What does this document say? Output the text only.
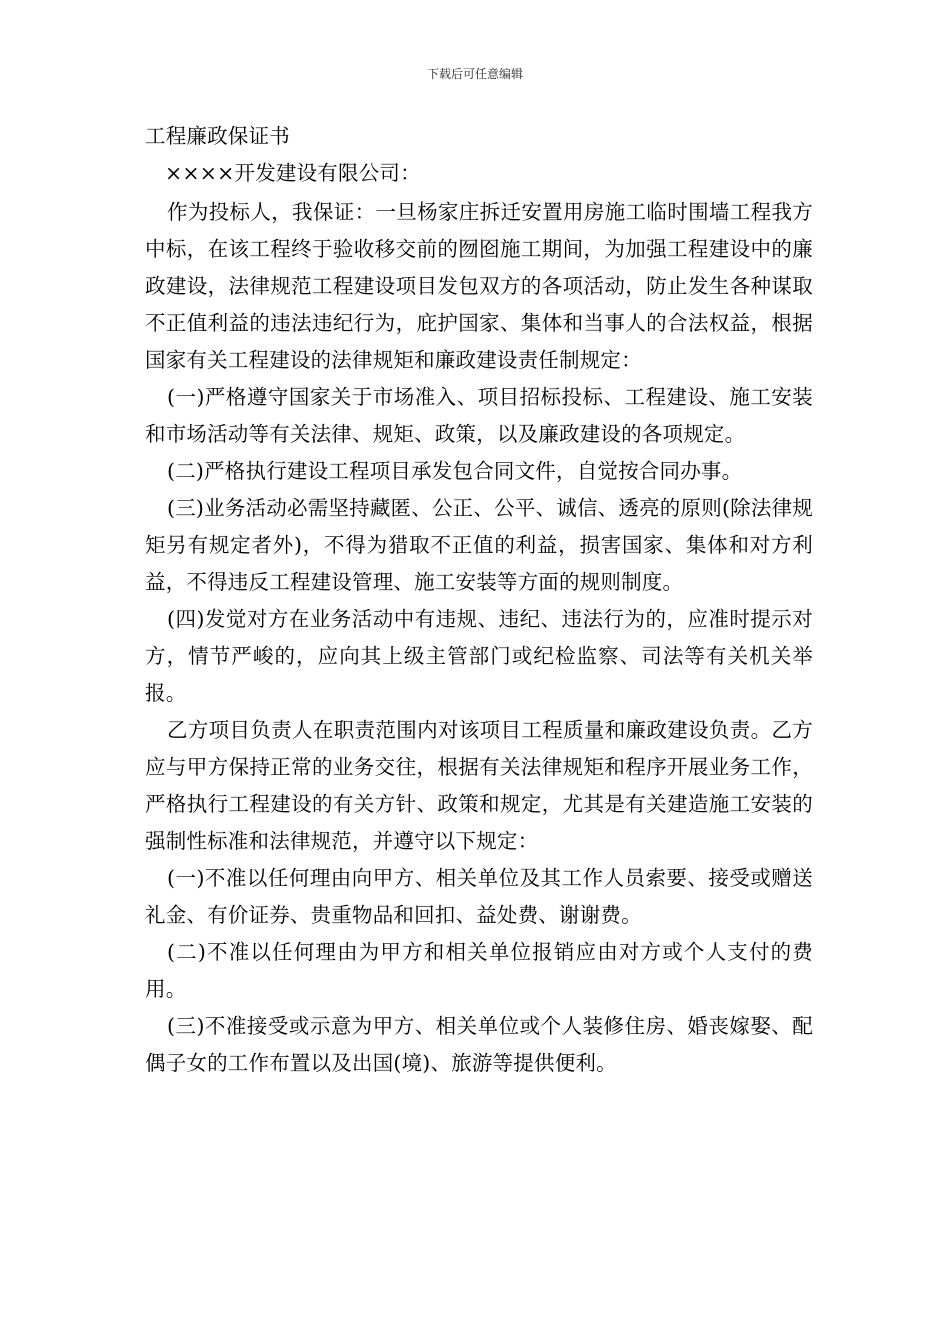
下载后可任意编辑
工程廉政保证书

××××开发建设有限公司：

作为投标人，我保证：一旦杨家庄拆迁安置用房施工临时围墙工程我方中标，在该工程终于验收移交前的囫囵施工期间，为加强工程建设中的廉政建设，法律规范工程建设项目发包双方的各项活动，防止发生各种谋取不正值利益的违法违纪行为，庇护国家、集体和当事人的合法权益，根据国家有关工程建设的法律规矩和廉政建设责任制规定：

(一)严格遵守国家关于市场准入、项目招标投标、工程建设、施工安装和市场活动等有关法律、规矩、政策，以及廉政建设的各项规定。

(二)严格执行建设工程项目承发包合同文件，自觉按合同办事。

(三)业务活动必需坚持藏匿、公正、公平、诚信、透亮的原则(除法律规矩另有规定者外)，不得为猎取不正值的利益，损害国家、集体和对方利益，不得违反工程建设管理、施工安装等方面的规则制度。

(四)发觉对方在业务活动中有违规、违纪、违法行为的，应准时提示对方，情节严峻的，应向其上级主管部门或纪检监察、司法等有关机关举报。

乙方项目负责人在职责范围内对该项目工程质量和廉政建设负责。乙方应与甲方保持正常的业务交往，根据有关法律规矩和程序开展业务工作，严格执行工程建设的有关方针、政策和规定，尤其是有关建造施工安装的强制性标准和法律规范，并遵守以下规定：

(一)不准以任何理由向甲方、相关单位及其工作人员索要、接受或赠送礼金、有价证券、贵重物品和回扣、益处费、谢谢费。

(二)不准以任何理由为甲方和相关单位报销应由对方或个人支付的费用。

(三)不准接受或示意为甲方、相关单位或个人装修住房、婚丧嫁娶、配偶子女的工作布置以及出国(境)、旅游等提供便利。
